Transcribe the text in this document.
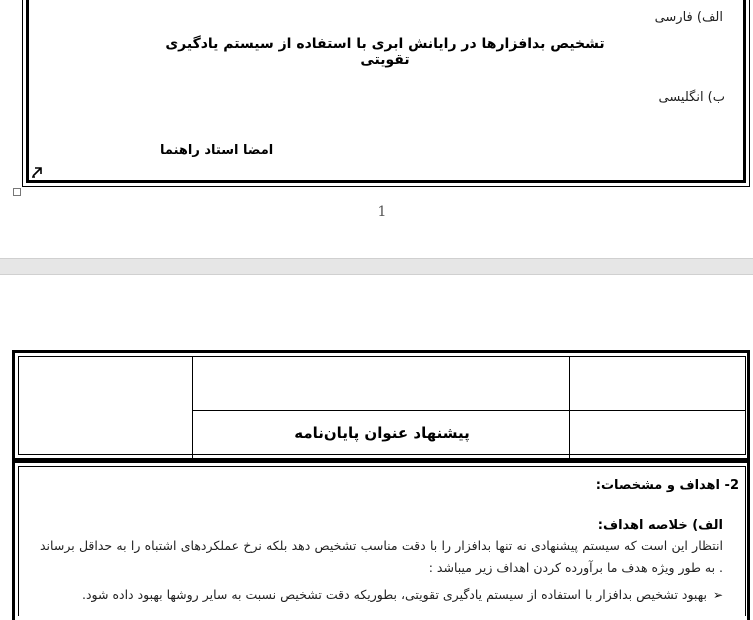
الف) فارسی
تشخیص بدافزارها در رایانش ابری با استفاده از سیستم یادگیری تقویتی
ب) انگلیسی
امضا استاد راهنما
1
پیشنهاد عنوان پایان‌نامه
2- اهداف و مشخصات:
الف) خلاصه اهداف:
انتظار این است که سیستم پیشنهادی نه تنها بدافزار را با دقت مناسب تشخیص دهد بلکه نرخ عملکردهای اشتباه را به حداقل برساند . به طور ویژه هدف ما برآورده کردن اهداف زیر میباشد :
➢بهبود تشخیص بدافزار با استفاده از سیستم یادگیری تقویتی، بطوریکه دقت تشخیص نسبت به سایر روشها بهبود داده شود.
